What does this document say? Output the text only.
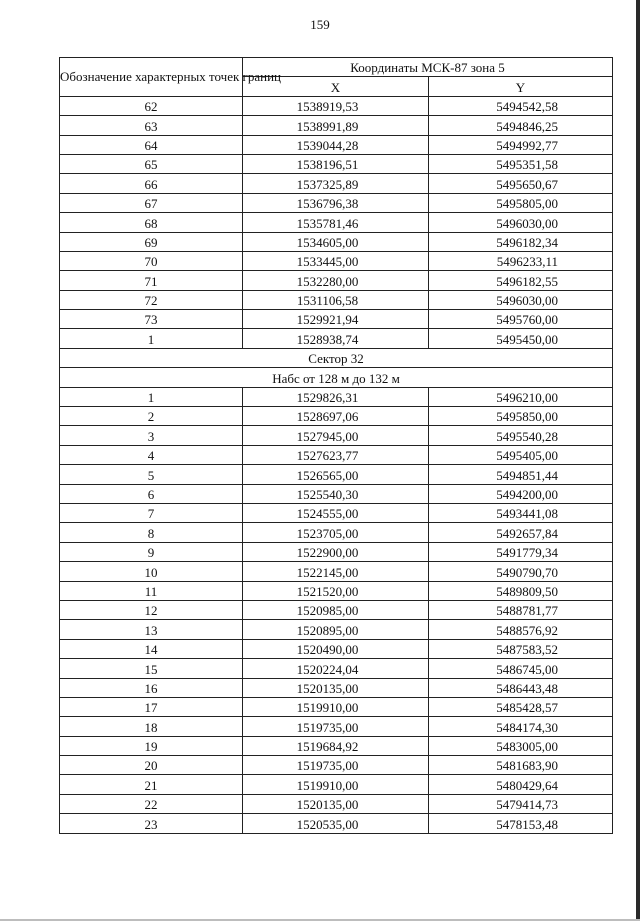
159
Обозначение характерных точек границ	Координаты МСК-87 зона 5	
	X	Y
62	1538919,53	5494542,58
63	1538991,89	5494846,25
64	1539044,28	5494992,77
65	1538196,51	5495351,58
66	1537325,89	5495650,67
67	1536796,38	5495805,00
68	1535781,46	5496030,00
69	1534605,00	5496182,34
70	1533445,00	5496233,11
71	1532280,00	5496182,55
72	1531106,58	5496030,00
73	1529921,94	5495760,00
1	1528938,74	5495450,00
Сектор 32		
Набс от 128 м до 132 м		
1	1529826,31	5496210,00
2	1528697,06	5495850,00
3	1527945,00	5495540,28
4	1527623,77	5495405,00
5	1526565,00	5494851,44
6	1525540,30	5494200,00
7	1524555,00	5493441,08
8	1523705,00	5492657,84
9	1522900,00	5491779,34
10	1522145,00	5490790,70
11	1521520,00	5489809,50
12	1520985,00	5488781,77
13	1520895,00	5488576,92
14	1520490,00	5487583,52
15	1520224,04	5486745,00
16	1520135,00	5486443,48
17	1519910,00	5485428,57
18	1519735,00	5484174,30
19	1519684,92	5483005,00
20	1519735,00	5481683,90
21	1519910,00	5480429,64
22	1520135,00	5479414,73
23	1520535,00	5478153,48
